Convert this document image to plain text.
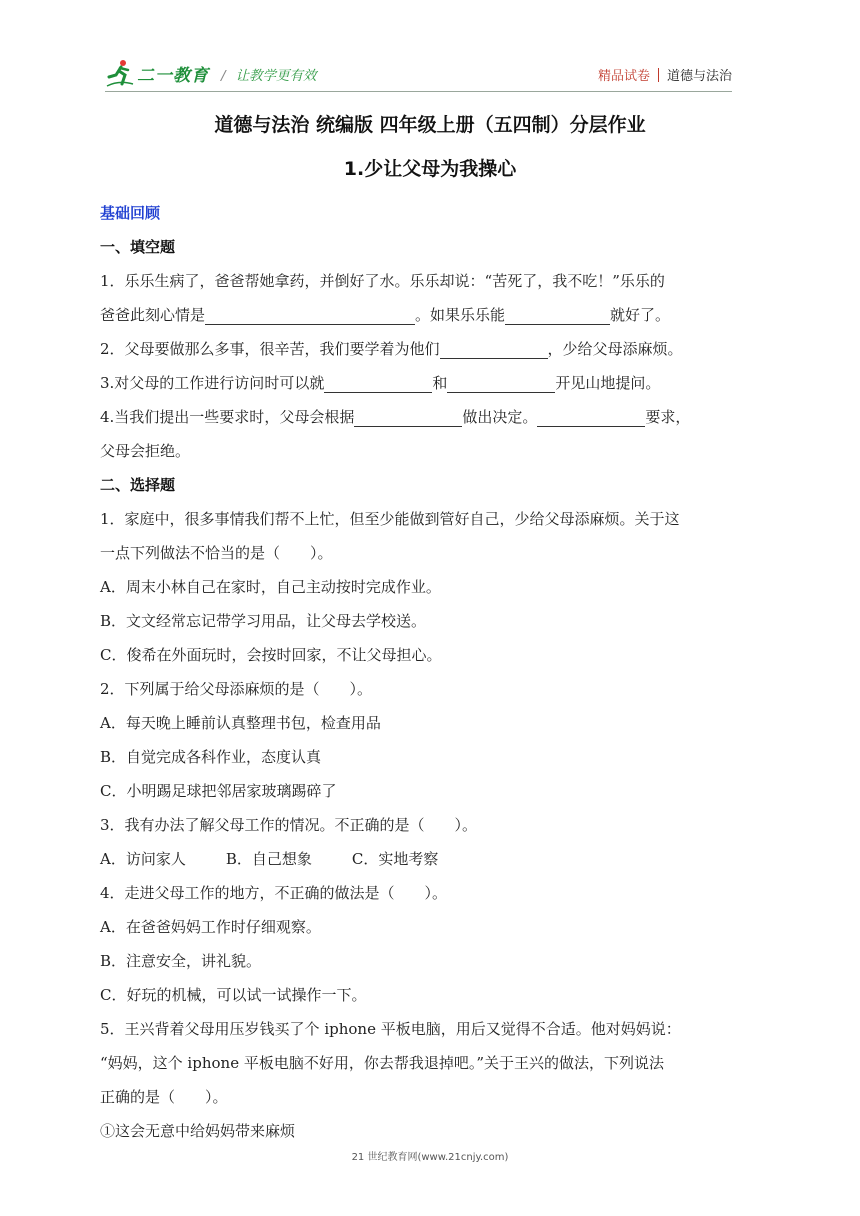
二一教育 / 让教学更有效	精品试卷 道德与法治
道德与法治 统编版 四年级上册（五四制）分层作业
1.少让父母为我操心
基础回顾
一、填空题
1．乐乐生病了，爸爸帮她拿药，并倒好了水。乐乐却说：“苦死了，我不吃！”乐乐的
爸爸此刻心情是	。如果乐乐能	就好了。
2．父母要做那么多事，很辛苦，我们要学着为他们	，少给父母添麻烦。
3.对父母的工作进行访问时可以就	和	开见山地提问。
4.当我们提出一些要求时，父母会根据	做出决定。	要求，
父母会拒绝。
二、选择题
1．家庭中，很多事情我们帮不上忙，但至少能做到管好自己，少给父母添麻烦。关于这
一点下列做法不恰当的是（　　）。
A．周末小林自己在家时，自己主动按时完成作业。
B．文文经常忘记带学习用品，让父母去学校送。
C．俊希在外面玩时，会按时回家，不让父母担心。
2．下列属于给父母添麻烦的是（　　）。
A．每天晚上睡前认真整理书包，检查用品
B．自觉完成各科作业，态度认真
C．小明踢足球把邻居家玻璃踢碎了
3．我有办法了解父母工作的情况。不正确的是（　　）。
A．访问家人	B．自己想象	C．实地考察
4．走进父母工作的地方，不正确的做法是（　　）。
A．在爸爸妈妈工作时仔细观察。
B．注意安全，讲礼貌。
C．好玩的机械，可以试一试操作一下。
5．王兴背着父母用压岁钱买了个 iphone 平板电脑，用后又觉得不合适。他对妈妈说：
“妈妈，这个 iphone 平板电脑不好用，你去帮我退掉吧。”关于王兴的做法，下列说法
正确的是（　　）。
①这会无意中给妈妈带来麻烦
21 世纪教育网(www.21cnjy.com)
